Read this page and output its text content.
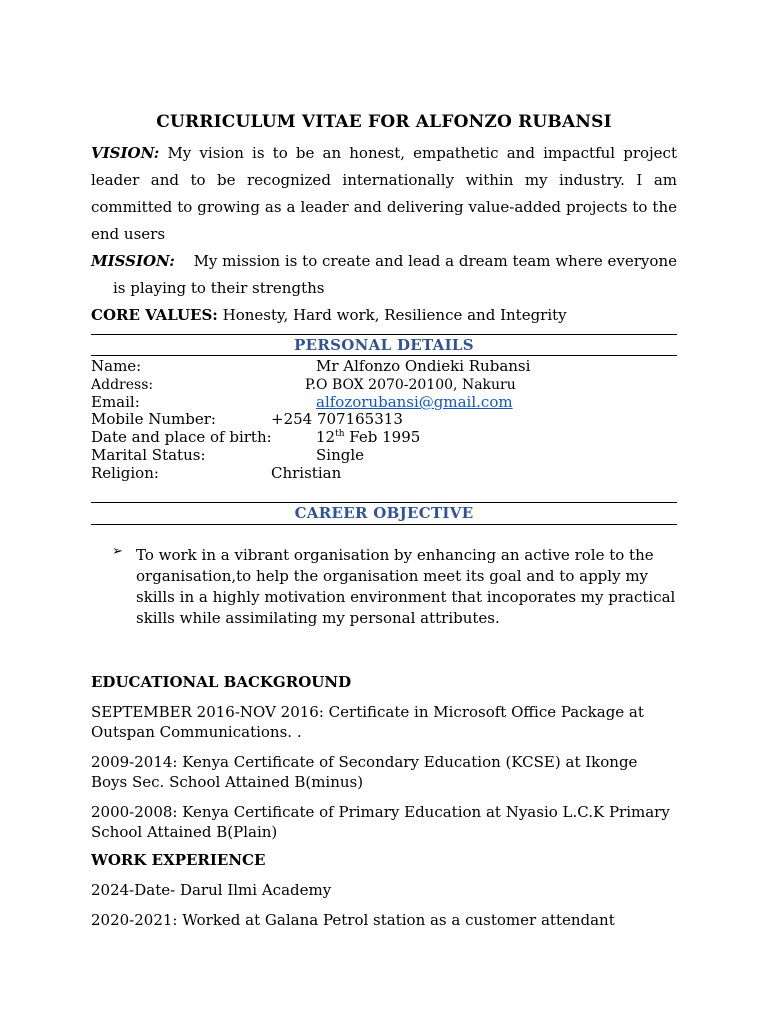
CURRICULUM VITAE FOR ALFONZO RUBANSI
VISION: My vision is to be an honest, empathetic and impactful project leader and to be recognized internationally within my industry. I am committed to growing as a leader and delivering value-added projects to the end users
MISSION: My mission is to create and lead a dream team where everyone is playing to their strengths
CORE VALUES: Honesty, Hard work, Resilience and Integrity
PERSONAL DETAILS
Name:	Mr Alfonzo Ondieki Rubansi
Address:	P.O BOX 2070-20100, Nakuru
Email:	alfozorubansi@gmail.com
Mobile Number:	+254 707165313
Date and place of birth:	12th Feb 1995
Marital Status:	Single
Religion:	Christian
CAREER OBJECTIVE
➢ To work in a vibrant organisation by enhancing an active role to the organisation,to help the organisation meet its goal and to apply my skills in a highly motivation environment that incoporates my practical skills while assimilating my personal attributes.
EDUCATIONAL BACKGROUND
SEPTEMBER 2016-NOV 2016: Certificate in Microsoft Office Package at Outspan Communications. .
2009-2014: Kenya Certificate of Secondary Education (KCSE) at Ikonge Boys Sec. School Attained B(minus)
2000-2008: Kenya Certificate of Primary Education at Nyasio L.C.K Primary School Attained B(Plain)
WORK EXPERIENCE
2024-Date- Darul Ilmi Academy
2020-2021: Worked at Galana Petrol station as a customer attendant
